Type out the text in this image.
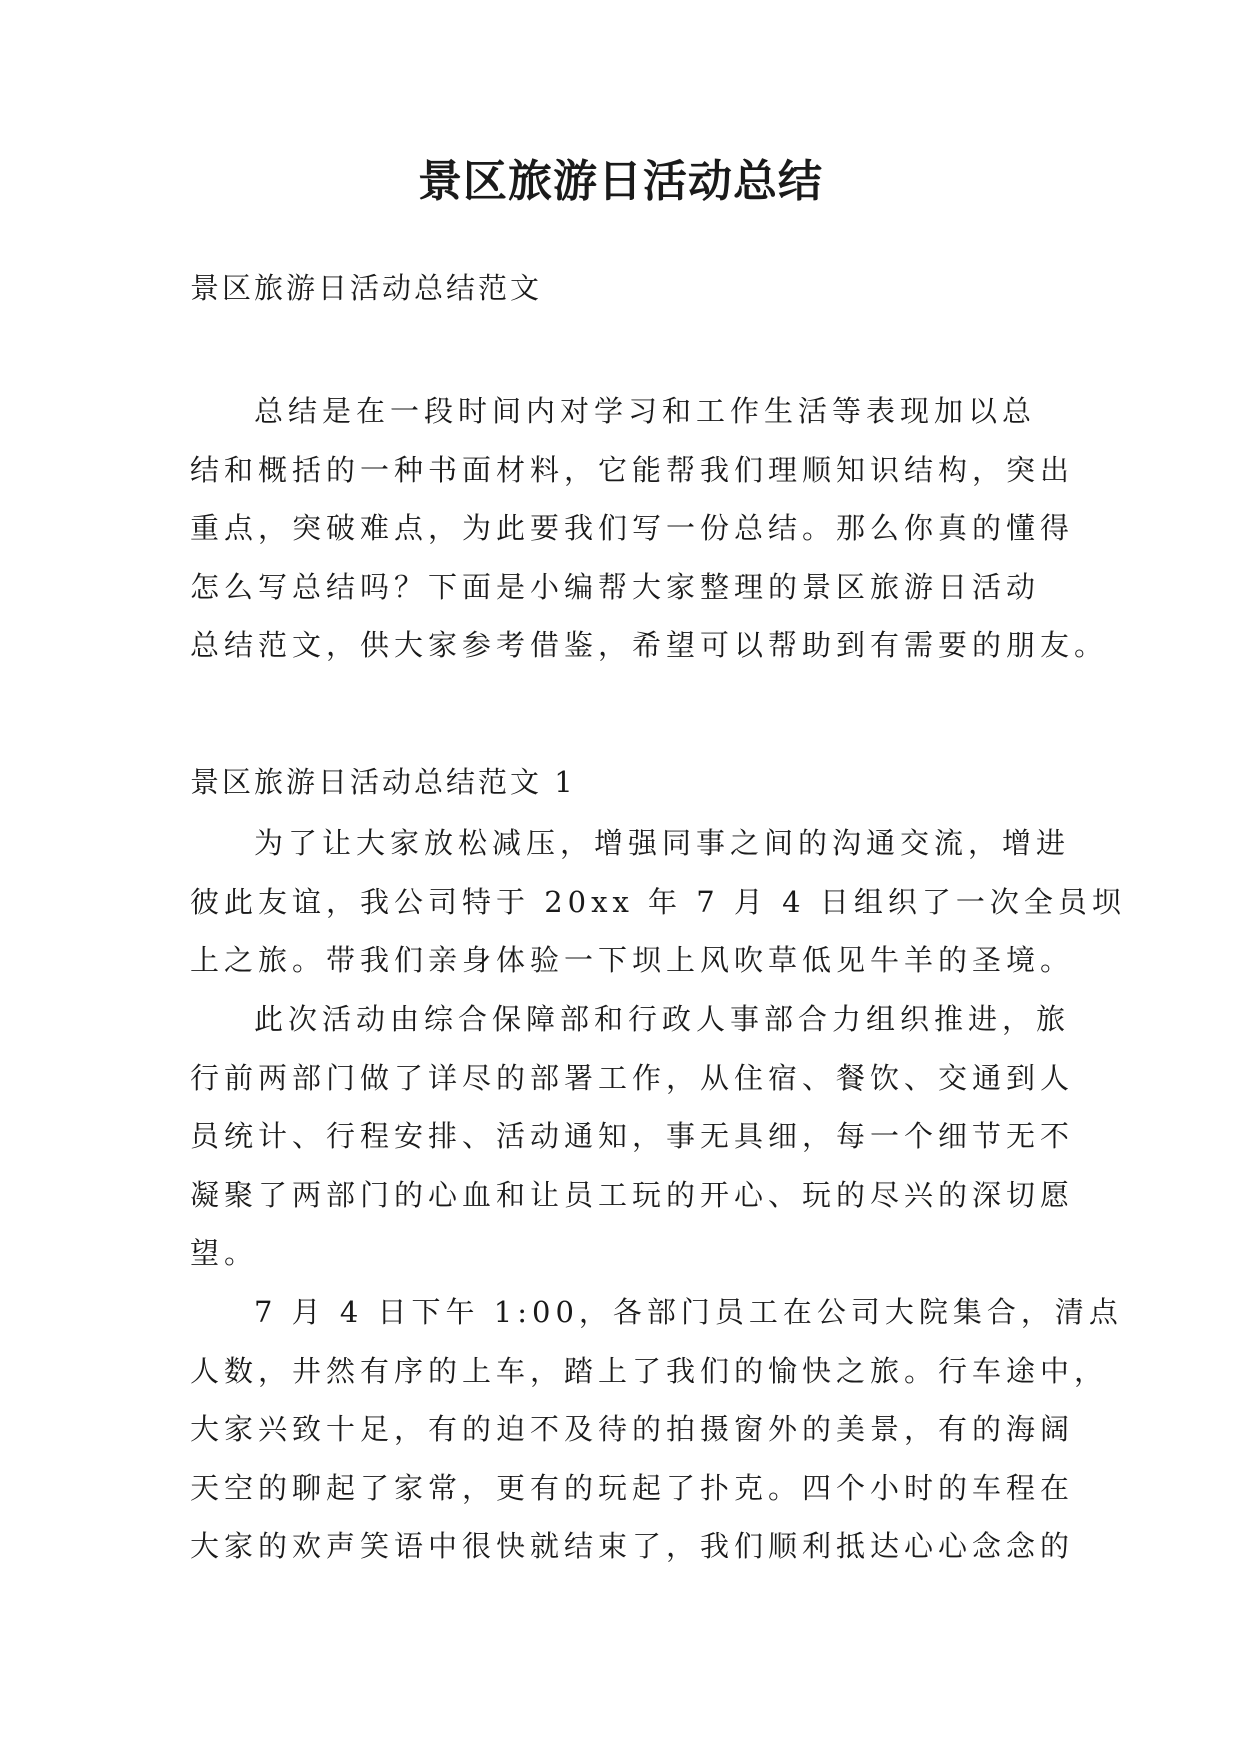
景区旅游日活动总结

景区旅游日活动总结范文

总结是在一段时间内对学习和工作生活等表现加以总
结和概括的一种书面材料，它能帮我们理顺知识结构，突出
重点，突破难点，为此要我们写一份总结。那么你真的懂得
怎么写总结吗？下面是小编帮大家整理的景区旅游日活动
总结范文，供大家参考借鉴，希望可以帮助到有需要的朋友。

景区旅游日活动总结范文 1

为了让大家放松减压，增强同事之间的沟通交流，增进
彼此友谊，我公司特于 20xx 年 7 月 4 日组织了一次全员坝
上之旅。带我们亲身体验一下坝上风吹草低见牛羊的圣境。

此次活动由综合保障部和行政人事部合力组织推进，旅
行前两部门做了详尽的部署工作，从住宿、餐饮、交通到人
员统计、行程安排、活动通知，事无具细，每一个细节无不
凝聚了两部门的心血和让员工玩的开心、玩的尽兴的深切愿
望。

7 月 4 日下午 1:00，各部门员工在公司大院集合，清点
人数，井然有序的上车，踏上了我们的愉快之旅。行车途中，
大家兴致十足，有的迫不及待的拍摄窗外的美景，有的海阔
天空的聊起了家常，更有的玩起了扑克。四个小时的车程在
大家的欢声笑语中很快就结束了，我们顺利抵达心心念念的
